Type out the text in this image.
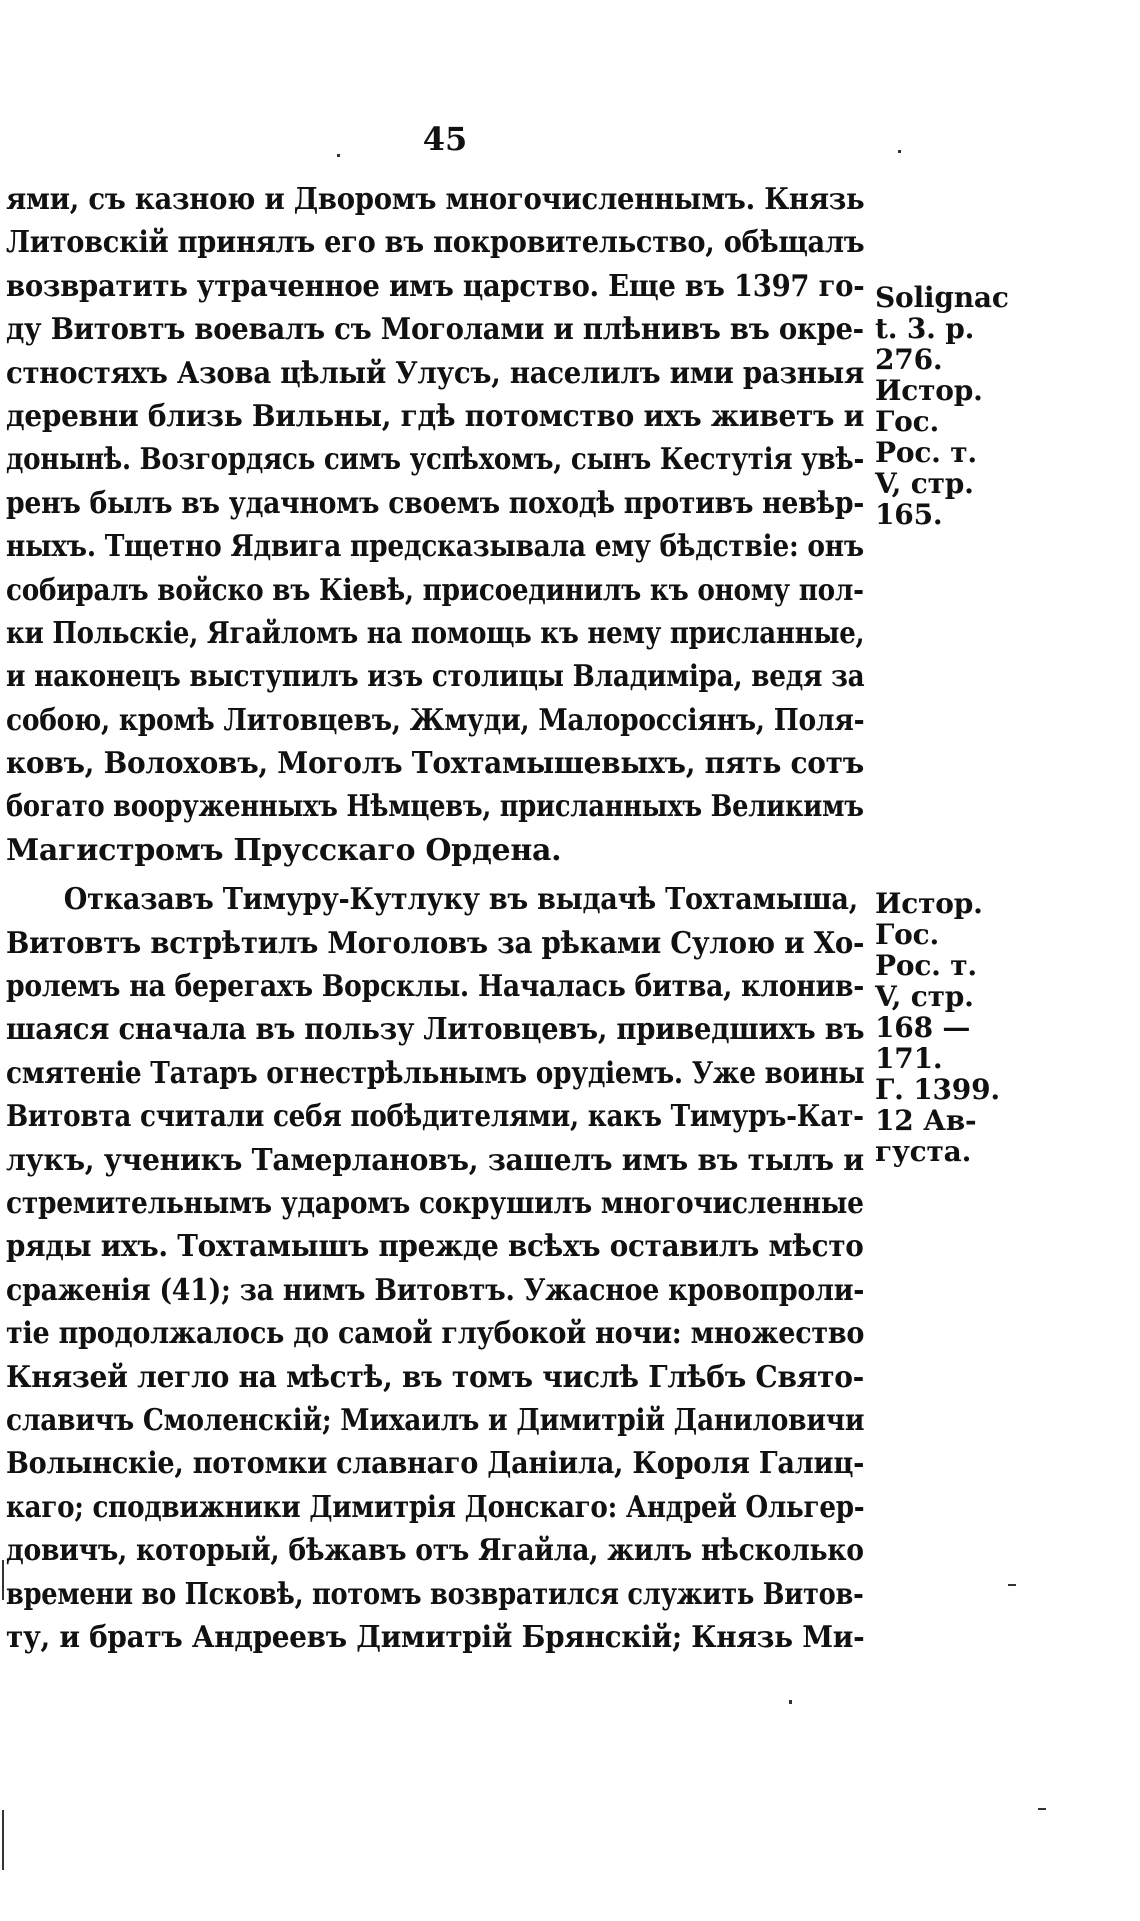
45
ями, съ казною и Дворомъ многочисленнымъ. Князь
Литовскій принялъ его въ покровительство, обѣщалъ
возвратить утраченное имъ царство. Еще въ 1397 го-
ду Витовтъ воевалъ съ Моголами и плѣнивъ въ окре-
стностяхъ Азова цѣлый Улусъ, населилъ ими разныя
деревни близь Вильны, гдѣ потомство ихъ живетъ и
донынѣ. Возгордясь симъ успѣхомъ, сынъ Кестутія увѣ-
ренъ былъ въ удачномъ своемъ походѣ противъ невѣр-
ныхъ. Тщетно Ядвига предсказывала ему бѣдствіе: онъ
собиралъ войско въ Кіевѣ, присоединилъ къ оному пол-
ки Польскіе, Ягайломъ на помощь къ нему присланные,
и наконецъ выступилъ изъ столицы Владиміра, ведя за
собою, кромѣ Литовцевъ, Жмуди, Малороссіянъ, Поля-
ковъ, Волоховъ, Моголъ Тохтамышевыхъ, пять сотъ
богато вооруженныхъ Нѣмцевъ, присланныхъ Великимъ
Магистромъ Прусскаго Ордена.
Отказавъ Тимуру-Кутлуку въ выдачѣ Тохтамыша,
Витовтъ встрѣтилъ Моголовъ за рѣками Сулою и Хо-
ролемъ на берегахъ Ворсклы. Началась битва, клонив-
шаяся сначала въ пользу Литовцевъ, приведшихъ въ
смятеніе Татаръ огнестрѣльнымъ орудіемъ. Уже воины
Витовта считали себя побѣдителями, какъ Тимуръ-Кат-
лукъ, ученикъ Тамерлановъ, зашелъ имъ въ тылъ и
стремительнымъ ударомъ сокрушилъ многочисленные
ряды ихъ. Тохтамышъ прежде всѣхъ оставилъ мѣсто
сраженія (41); за нимъ Витовтъ. Ужасное кровопроли-
тіе продолжалось до самой глубокой ночи: множество
Князей легло на мѣстѣ, въ томъ числѣ Глѣбъ Свято-
славичъ Смоленскій; Михаилъ и Димитрій Даниловичи
Волынскіе, потомки славнаго Даніила, Короля Галиц-
каго; сподвижники Димитрія Донскаго: Андрей Ольгер-
довичъ, который, бѣжавъ отъ Ягайла, жилъ нѣсколько
времени во Псковѣ, потомъ возвратился служить Витов-
ту, и братъ Андреевъ Димитрій Брянскій; Князь Ми-
Solignac
t. 3. p.
276.
Истор.
Гос.
Рос. т.
V, стр.
165.
Истор.
Гос.
Рос. т.
V, стр.
168 —
171.
Г. 1399.
12 Ав-
густа.
